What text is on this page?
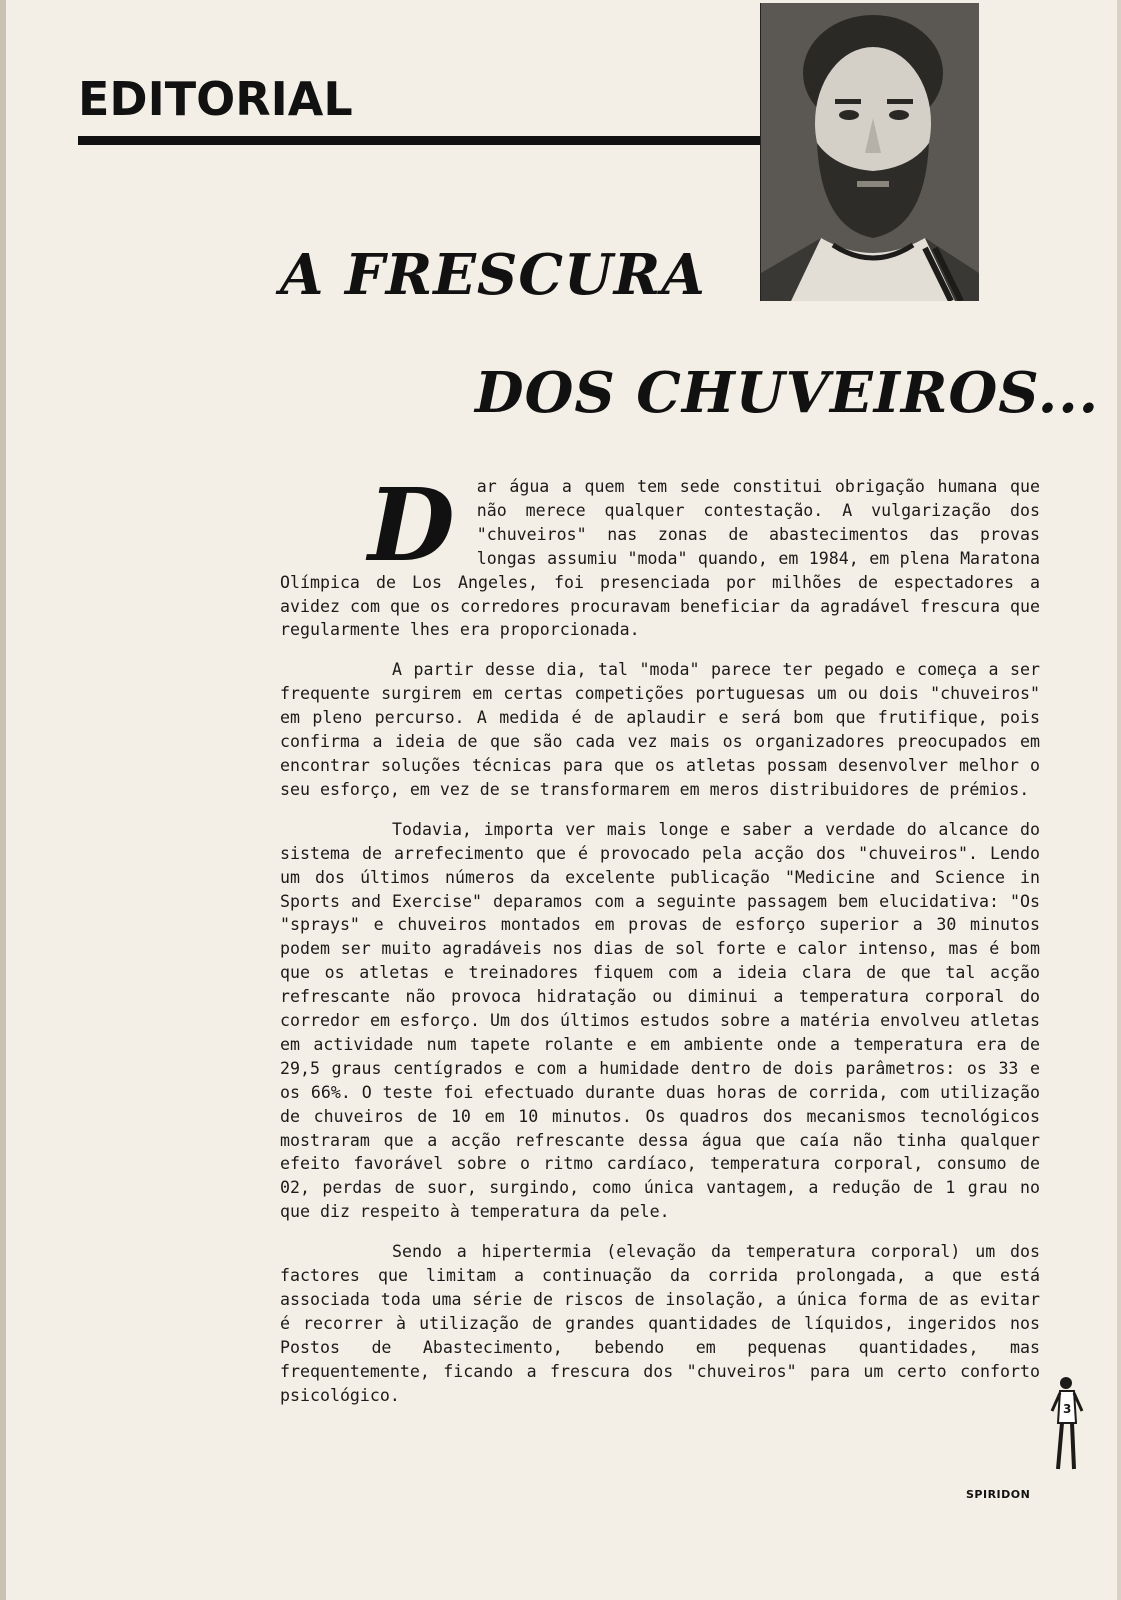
EDITORIAL
A FRESCURA
DOS CHUVEIROS...

D ar água a quem tem sede constitui obrigação humana que não merece qualquer contestação. A vulgarização dos "chuveiros" nas zonas de abastecimentos das provas longas assumiu "moda" quando, em 1984, em plena Maratona Olímpica de Los Angeles, foi presenciada por milhões de espectadores a avidez com que os corredores procuravam beneficiar da agradável frescura que regularmente lhes era proporcionada.

A partir desse dia, tal "moda" parece ter pegado e começa a ser frequente surgirem em certas competições portuguesas um ou dois "chuveiros" em pleno percurso. A medida é de aplaudir e será bom que frutifique, pois confirma a ideia de que são cada vez mais os organizadores preocupados em encontrar soluções técnicas para que os atletas possam desenvolver melhor o seu esforço, em vez de se transformarem em meros distribuidores de prémios.

Todavia, importa ver mais longe e saber a verdade do alcance do sistema de arrefecimento que é provocado pela acção dos "chuveiros". Lendo um dos últimos números da excelente publicação "Medicine and Science in Sports and Exercise" deparamos com a seguinte passagem bem elucidativa: "Os "sprays" e chuveiros montados em provas de esforço superior a 30 minutos podem ser muito agradáveis nos dias de sol forte e calor intenso, mas é bom que os atletas e treinadores fiquem com a ideia clara de que tal acção refrescante não provoca hidratação ou diminui a temperatura corporal do corredor em esforço. Um dos últimos estudos sobre a matéria envolveu atletas em actividade num tapete rolante e em ambiente onde a temperatura era de 29,5 graus centígrados e com a humidade dentro de dois parâmetros: os 33 e os 66%. O teste foi efectuado durante duas horas de corrida, com utilização de chuveiros de 10 em 10 minutos. Os quadros dos mecanismos tecnológicos mostraram que a acção refrescante dessa água que caía não tinha qualquer efeito favorável sobre o ritmo cardíaco, temperatura corporal, consumo de 02, perdas de suor, surgindo, como única vantagem, a redução de 1 grau no que diz respeito à temperatura da pele.

Sendo a hipertermia (elevação da temperatura corporal) um dos factores que limitam a continuação da corrida prolongada, a que está associada toda uma série de riscos de insolação, a única forma de as evitar é recorrer à utilização de grandes quantidades de líquidos, ingeridos nos Postos de Abastecimento, bebendo em pequenas quantidades, mas frequentemente, ficando a frescura dos "chuveiros" para um certo conforto psicológico.

3
SPIRIDON
